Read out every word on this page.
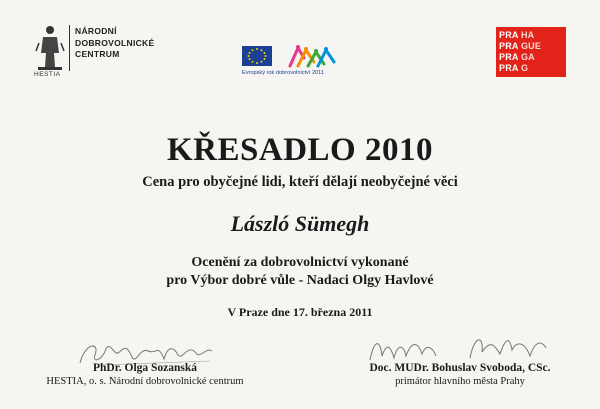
NÁRODNÍ
DOBROVOLNICKÉ
CENTRUM
HESTIA	Evropský rok dobrovolnictví 2011
PRA HA
PRA GUE
PRA GA
PRA G
KŘESADLO 2010
Cena pro obyčejné lidi, kteří dělají neobyčejné věci
László Sümegh
Ocenění za dobrovolnictví vykonané
pro Výbor dobré vůle - Nadaci Olgy Havlové
V Praze dne 17. března 2011
PhDr. Olga Sozanská
HESTIA, o. s. Národní dobrovolnické centrum
Doc. MUDr. Bohuslav Svoboda, CSc.
primátor hlavního města Prahy
